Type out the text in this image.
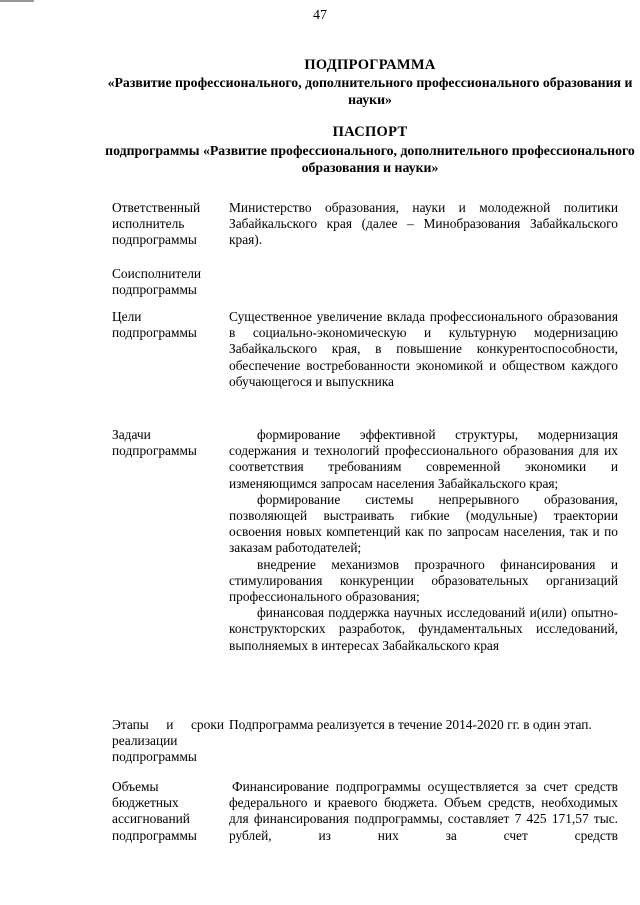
47
ПОДПРОГРАММА
«Развитие профессионального, дополнительного профессионального образования и науки»
ПАСПОРТ
подпрограммы «Развитие профессионального, дополнительного профессионального образования и науки»
Ответственный исполнитель подпрограммы

Министерство образования, науки и молодежной политики Забайкальского края (далее – Минобразования Забайкальского края).

Соисполнители подпрограммы
Цели подпрограммы

Существенное увеличение вклада профессионального образования в социально-экономическую и культурную модернизацию Забайкальского края, в повышение конкурентоспособности, обеспечение востребованности экономикой и обществом каждого обучающегося и выпускника

Задачи подпрограммы

формирование эффективной структуры, модернизация содержания и технологий профессионального образования для их соответствия требованиям современной экономики и изменяющимся запросам населения Забайкальского края;

формирование системы непрерывного образования, позволяющей выстраивать гибкие (модульные) траектории освоения новых компетенций как по запросам населения, так и по заказам работодателей;

внедрение механизмов прозрачного финансирования и стимулирования конкуренции образовательных организаций профессионального образования;

финансовая поддержка научных исследований и(или) опытно-конструкторских разработок, фундаментальных исследований, выполняемых в интересах Забайкальского края

Этапы и сроки реализации подпрограммы

Подпрограмма реализуется в течение 2014-2020 гг. в один этап.

Объемы бюджетных ассигнований подпрограммы

Финансирование подпрограммы осуществляется за счет средств федерального и краевого бюджета. Объем средств, необходимых для финансирования подпрограммы, составляет 7 425 171,57 тыс. рублей, из них за счет средств
